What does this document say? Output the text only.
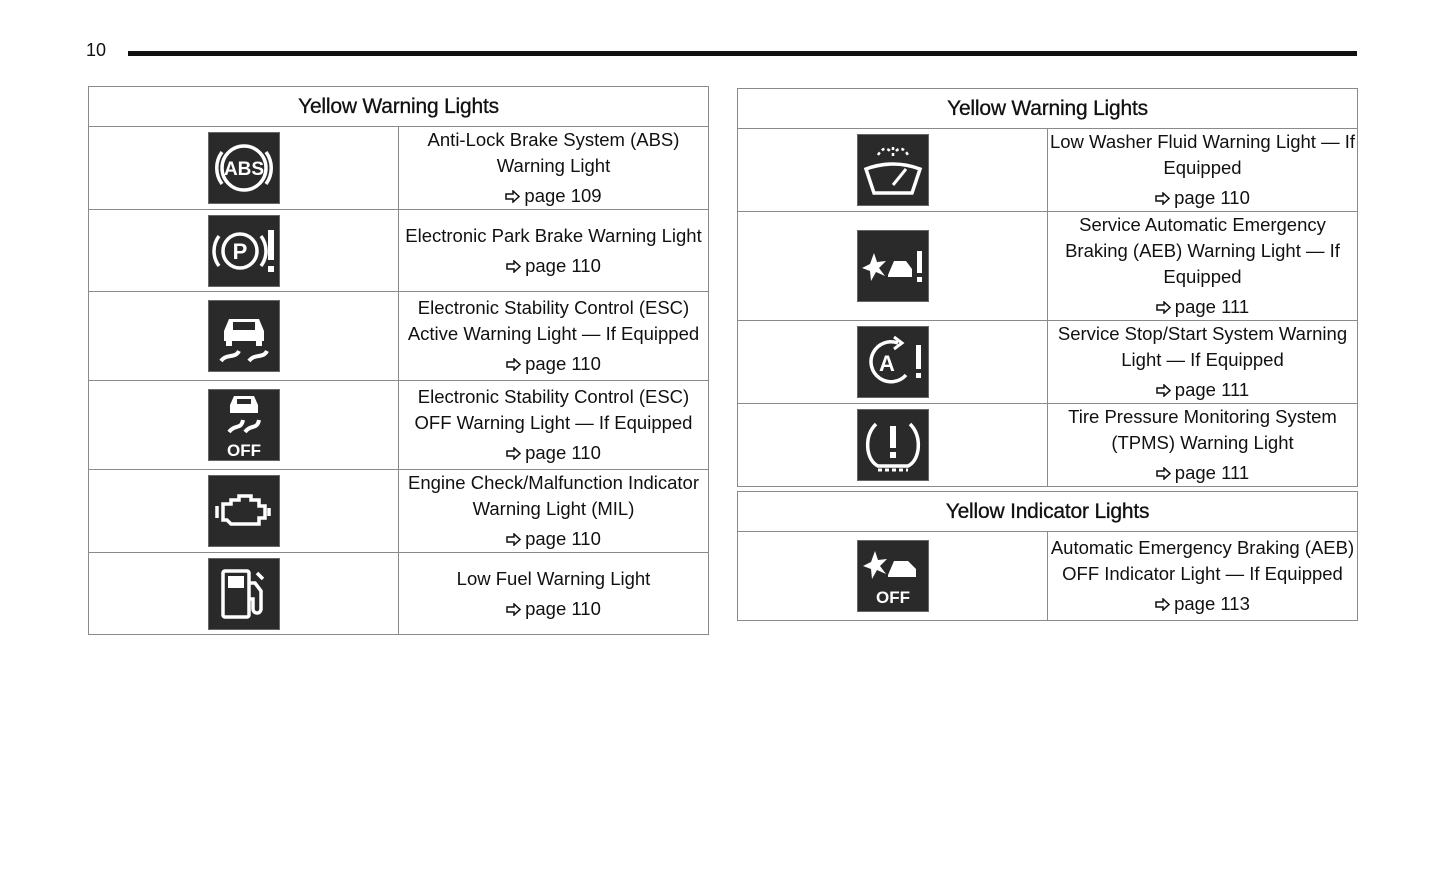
10
Yellow Warning Lights	

ABS	Anti-Lock Brake System (ABS) Warning Light
page 109

P	Electronic Park Brake Warning Light
page 110

	Electronic Stability Control (ESC) Active Warning Light — If Equipped
page 110

OFF	Electronic Stability Control (ESC) OFF Warning Light — If Equipped
page 110

	Engine Check/Malfunction Indicator Warning Light (MIL)
page 110

	Low Fuel Warning Light
page 110
Yellow Warning Lights	

	Low Washer Fluid Warning Light — If Equipped
page 110

	Service Automatic Emergency Braking (AEB) Warning Light — If Equipped
page 111

A	Service Stop/Start System Warning Light — If Equipped
page 111

	Tire Pressure Monitoring System (TPMS) Warning Light
page 111
Yellow Indicator Lights

OFF
	Automatic Emergency Braking (AEB) OFF Indicator Light — If Equipped
page 113
